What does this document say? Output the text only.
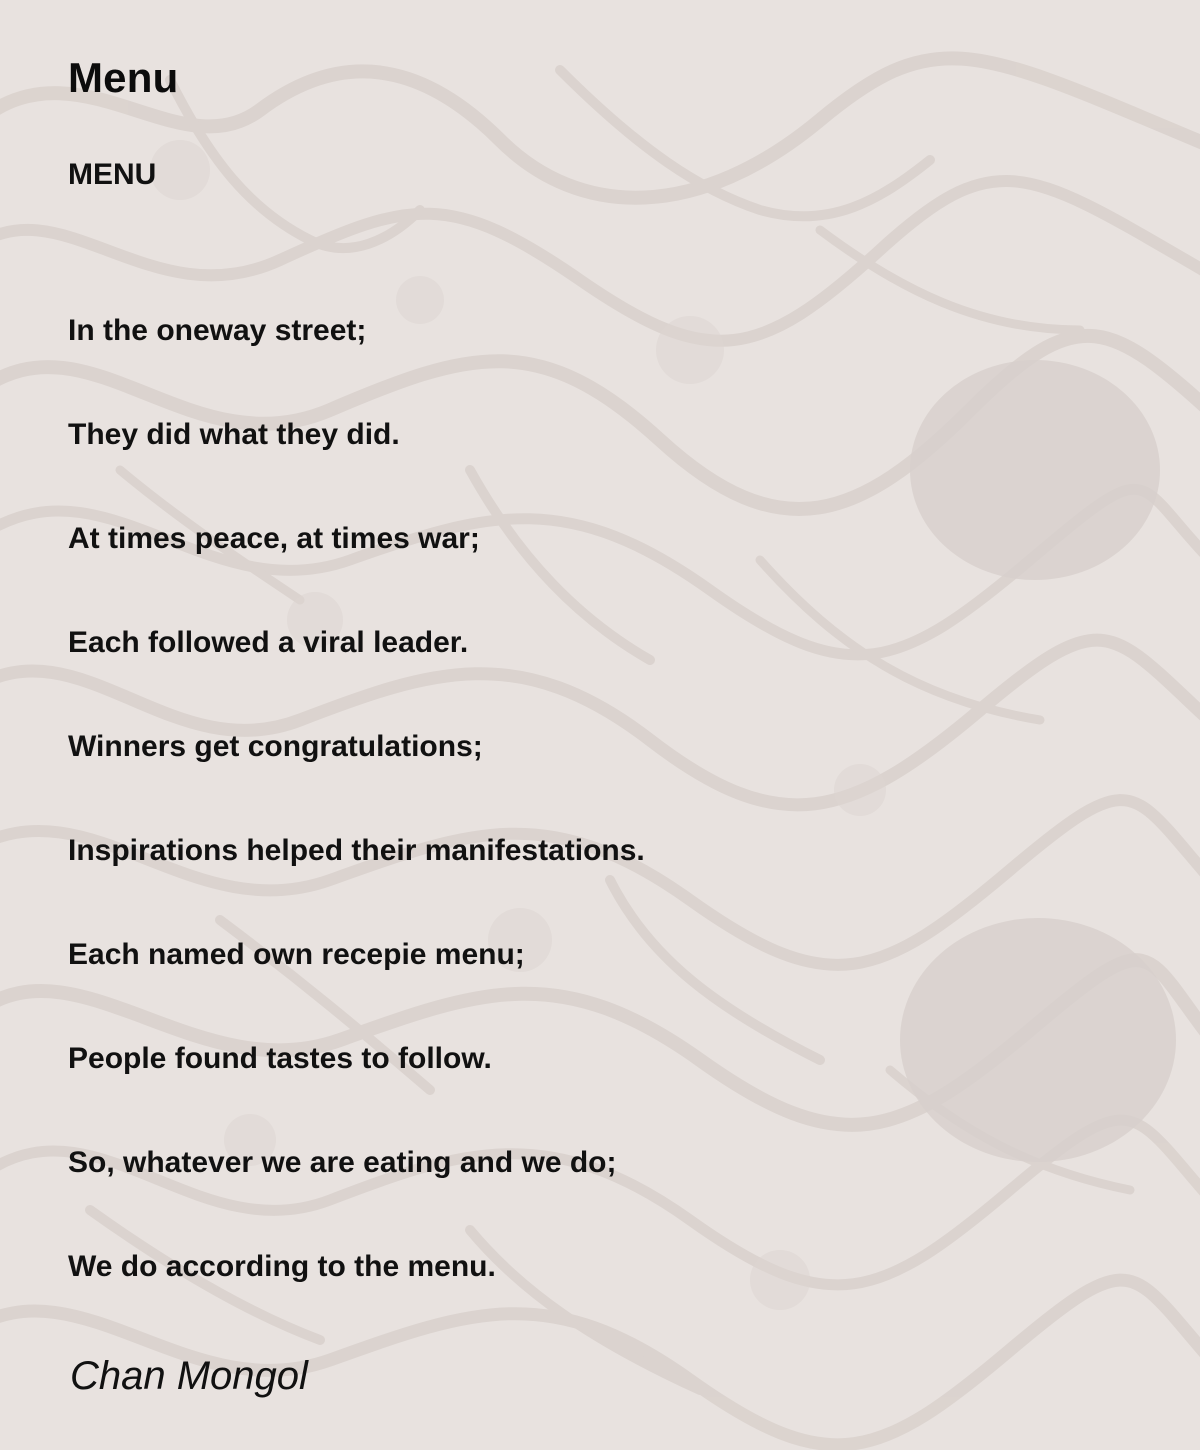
Menu
MENU
In the oneway street;
They did what they did.
At times peace, at times war;
Each followed a viral leader.
Winners get congratulations;
Inspirations helped their manifestations.
Each named own recepie menu;
People found tastes to follow.
So, whatever we are eating and we do;
We do according to the menu.
Chan Mongol
